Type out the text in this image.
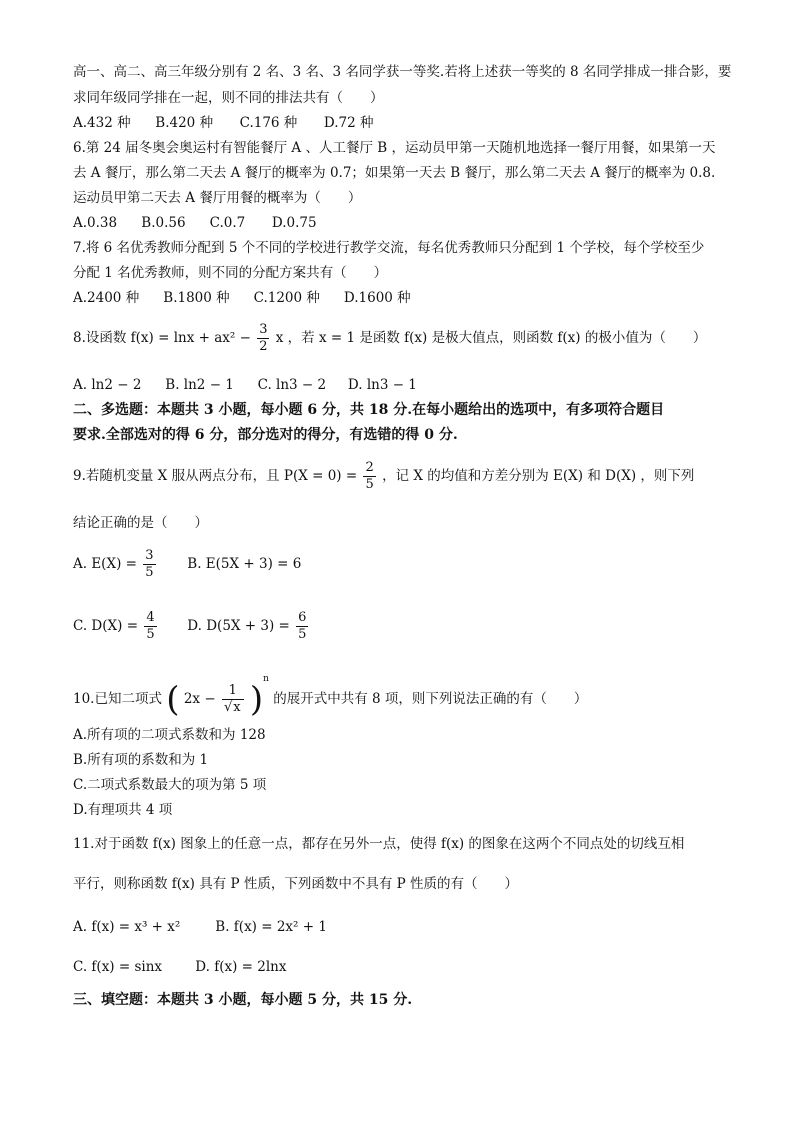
高一、高二、高三年级分别有 2 名、3 名、3 名同学获一等奖.若将上述获一等奖的 8 名同学排成一排合影，要
求同年级同学排在一起，则不同的排法共有（　　）
A.432 种 B.420 种 C.176 种 D.72 种
6.第 24 届冬奥会奥运村有智能餐厅 A 、人工餐厅 B ，运动员甲第一天随机地选择一餐厅用餐，如果第一天
去 A 餐厅，那么第二天去 A 餐厅的概率为 0.7；如果第一天去 B 餐厅，那么第二天去 A 餐厅的概率为 0.8.
运动员甲第二天去 A 餐厅用餐的概率为（　　）
A.0.38 B.0.56 C.0.7 D.0.75
7.将 6 名优秀教师分配到 5 个不同的学校进行教学交流，每名优秀教师只分配到 1 个学校，每个学校至少
分配 1 名优秀教师，则不同的分配方案共有（　　）
A.2400 种 B.1800 种 C.1200 种 D.1600 种
8.设函数 $f(x) = \ln x + ax^2 - \frac{3}{2}$ x ，若 x = 1 是函数 f(x) 是极大值点，则函数 f(x) 的极小值为（　　）
A. ln2 − 2 B. ln2 − 1 C. ln3 − 2 D. ln3 − 1
二、多选题：本题共 3 小题，每小题 6 分，共 18 分.在每小题给出的选项中，有多项符合题目
要求.全部选对的得 6 分，部分选对的得分，有选错的得 0 分.
9.若随机变量 X 服从两点分布，且 $P(X = 0) = \frac{2}{5}$ ，记 X 的均值和方差分别为 E(X) 和 D(X) ，则下列
结论正确的是（　　）
A. $E(X) = \frac{3}{5} B$. E(5X + 3) = 6
C. $D(X) = \frac{4}{5} D$. $D(5X + 3) = \frac{6}{5}$
10.已知二项式 ( $2x - \frac{1}{√x} )^n$ 的展开式中共有 8 项，则下列说法正确的有（　　）
A.所有项的二项式系数和为 128
B.所有项的系数和为 1
C.二项式系数最大的项为第 5 项
D.有理项共 4 项
11.对于函数 f(x) 图象上的任意一点，都存在另外一点，使得 f(x) 的图象在这两个不同点处的切线互相
平行，则称函数 f(x) 具有 P 性质，下列函数中不具有 P 性质的有（　　）
A. f(x) = x³ + x²	B. f(x) = 2x² + 1
C. f(x) = sinx D. f(x) = 2lnx
三、填空题：本题共 3 小题，每小题 5 分，共 15 分.
